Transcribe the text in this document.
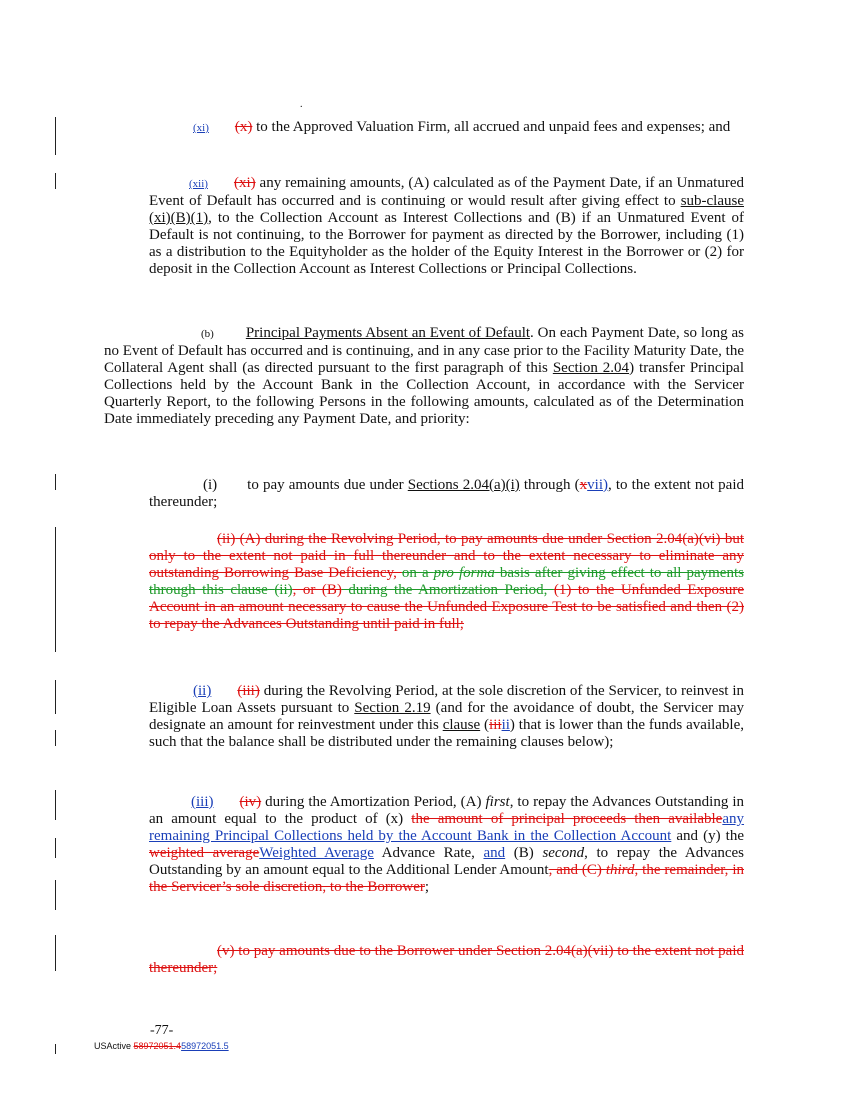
.
(xi) (x) to the Approved Valuation Firm, all accrued and unpaid fees and expenses; and
(xii) (xi) any remaining amounts, (A) calculated as of the Payment Date, if an Unmatured Event of Default has occurred and is continuing or would result after giving effect to sub-clause (xi)(B)(1), to the Collection Account as Interest Collections and (B) if an Unmatured Event of Default is not continuing, to the Borrower for payment as directed by the Borrower, including (1) as a distribution to the Equityholder as the holder of the Equity Interest in the Borrower or (2) for deposit in the Collection Account as Interest Collections or Principal Collections.
(b) Principal Payments Absent an Event of Default. On each Payment Date, so long as no Event of Default has occurred and is continuing, and in any case prior to the Facility Maturity Date, the Collateral Agent shall (as directed pursuant to the first paragraph of this Section 2.04) transfer Principal Collections held by the Account Bank in the Collection Account, in accordance with the Servicer Quarterly Report, to the following Persons in the following amounts, calculated as of the Determination Date immediately preceding any Payment Date, and priority:
(i) to pay amounts due under Sections 2.04(a)(i) through (xvii), to the extent not paid thereunder;
(ii) (A) during the Revolving Period, to pay amounts due under Section 2.04(a)(vi) but only to the extent not paid in full thereunder and to the extent necessary to eliminate any outstanding Borrowing Base Deficiency, on a pro forma basis after giving effect to all payments through this clause (ii), or (B) during the Amortization Period, (1) to the Unfunded Exposure Account in an amount necessary to cause the Unfunded Exposure Test to be satisfied and then (2) to repay the Advances Outstanding until paid in full;
(ii) (iii) during the Revolving Period, at the sole discretion of the Servicer, to reinvest in Eligible Loan Assets pursuant to Section 2.19 (and for the avoidance of doubt, the Servicer may designate an amount for reinvestment under this clause (iiiii) that is lower than the funds available, such that the balance shall be distributed under the remaining clauses below);
(iii) (iv) during the Amortization Period, (A) first, to repay the Advances Outstanding in an amount equal to the product of (x) the amount of principal proceeds then availableany remaining Principal Collections held by the Account Bank in the Collection Account and (y) the weighted averageWeighted Average Advance Rate, and (B) second, to repay the Advances Outstanding by an amount equal to the Additional Lender Amount, and (C) third, the remainder, in the Servicer’s sole discretion, to the Borrower;
(v) to pay amounts due to the Borrower under Section 2.04(a)(vii) to the extent not paid thereunder;
-77-
USActive 58972051.458972051.5
